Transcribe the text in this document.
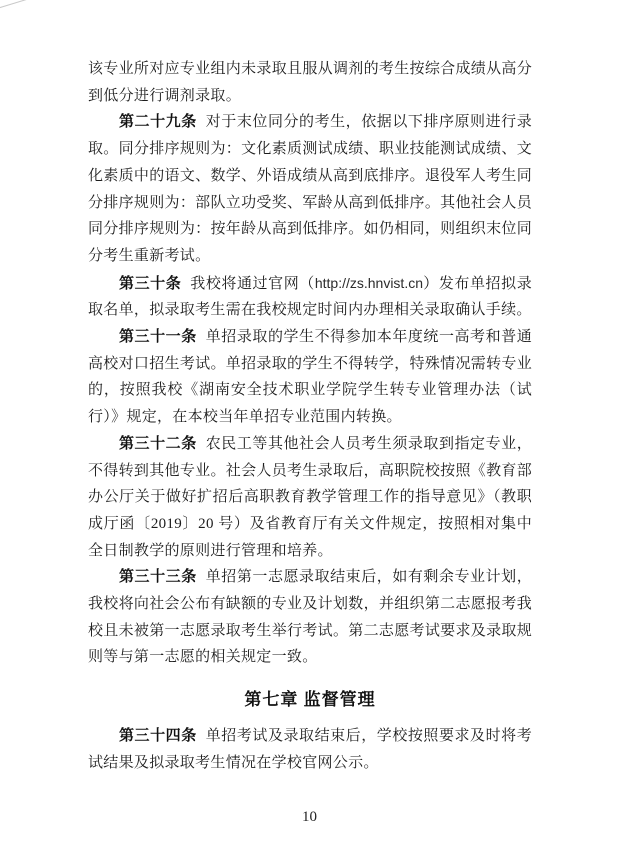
该专业所对应专业组内未录取且服从调剂的考生按综合成绩从高分到低分进行调剂录取。

第二十九条 对于末位同分的考生，依据以下排序原则进行录取。同分排序规则为：文化素质测试成绩、职业技能测试成绩、文化素质中的语文、数学、外语成绩从高到底排序。退役军人考生同分排序规则为：部队立功受奖、军龄从高到低排序。其他社会人员同分排序规则为：按年龄从高到低排序。如仍相同，则组织末位同分考生重新考试。

第三十条 我校将通过官网（http://zs.hnvist.cn）发布单招拟录取名单，拟录取考生需在我校规定时间内办理相关录取确认手续。

第三十一条 单招录取的学生不得参加本年度统一高考和普通高校对口招生考试。单招录取的学生不得转学，特殊情况需转专业的，按照我校《湖南安全技术职业学院学生转专业管理办法（试行）》规定，在本校当年单招专业范围内转换。

第三十二条 农民工等其他社会人员考生须录取到指定专业，不得转到其他专业。社会人员考生录取后，高职院校按照《教育部办公厅关于做好扩招后高职教育教学管理工作的指导意见》（教职成厅函〔2019〕20 号）及省教育厅有关文件规定，按照相对集中全日制教学的原则进行管理和培养。

第三十三条 单招第一志愿录取结束后，如有剩余专业计划，我校将向社会公布有缺额的专业及计划数，并组织第二志愿报考我校且未被第一志愿录取考生举行考试。第二志愿考试要求及录取规则等与第一志愿的相关规定一致。

第七章 监督管理

第三十四条 单招考试及录取结束后，学校按照要求及时将考试结果及拟录取考生情况在学校官网公示。

10
